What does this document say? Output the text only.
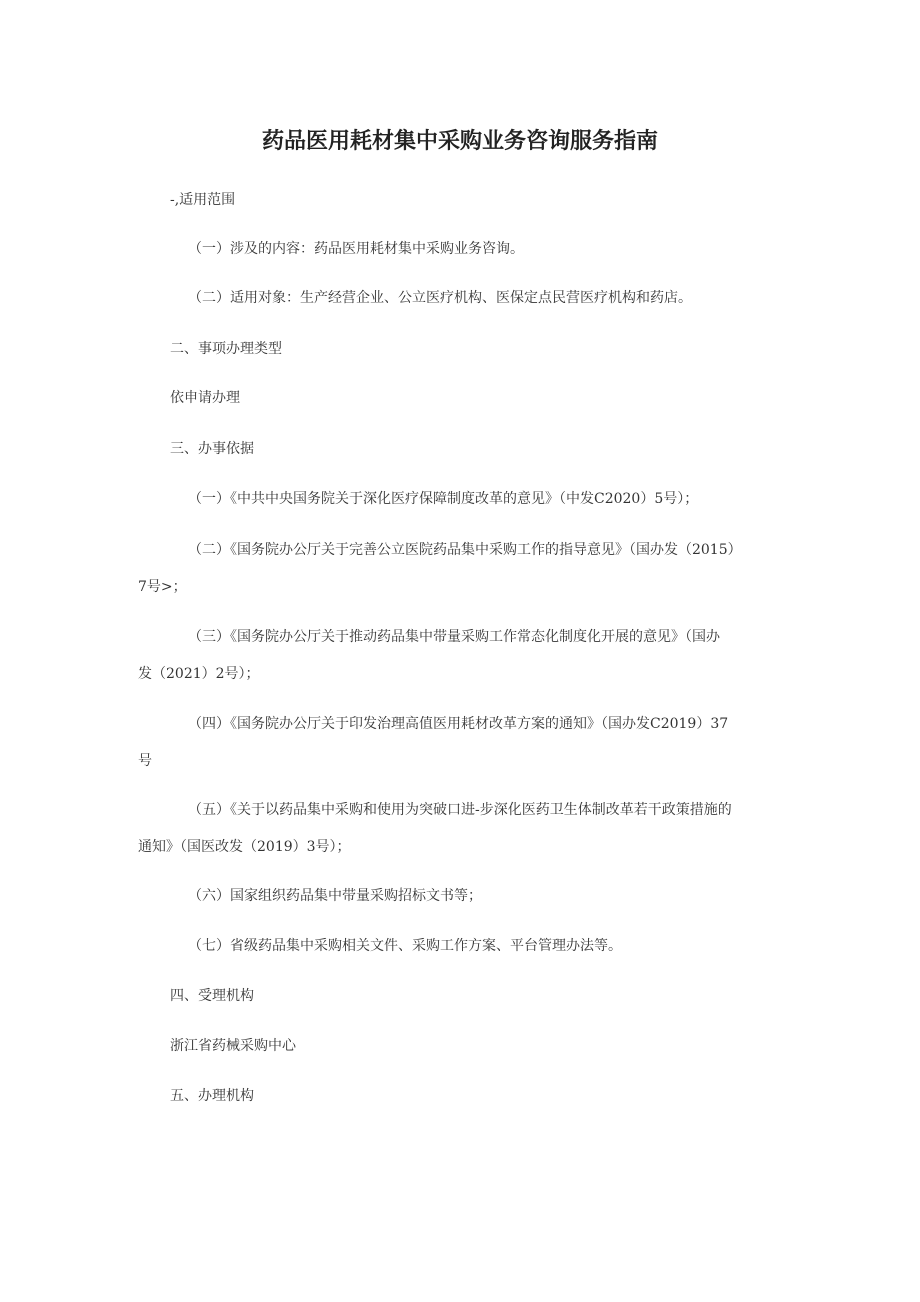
药品医用耗材集中采购业务咨询服务指南

-,适用范围

（一）涉及的内容：药品医用耗材集中采购业务咨询。

（二）适用对象：生产经营企业、公立医疗机构、医保定点民营医疗机构和药店。

二、事项办理类型

依申请办理

三、办事依据

（一）《中共中央国务院关于深化医疗保障制度改革的意见》（中发C2020）5号）；

（二）《国务院办公厅关于完善公立医院药品集中采购工作的指导意见》（国办发（2015）

7号>；

（三）《国务院办公厅关于推动药品集中带量采购工作常态化制度化开展的意见》（国办

发（2021）2号）；

（四）《国务院办公厅关于印发治理高值医用耗材改革方案的通知》（国办发C2019）37

号

（五）《关于以药品集中采购和使用为突破口进-步深化医药卫生体制改革若干政策措施的

通知》（国医改发（2019）3号）；

（六）国家组织药品集中带量采购招标文书等；

（七）省级药品集中采购相关文件、采购工作方案、平台管理办法等。

四、受理机构

浙江省药械采购中心

五、办理机构
